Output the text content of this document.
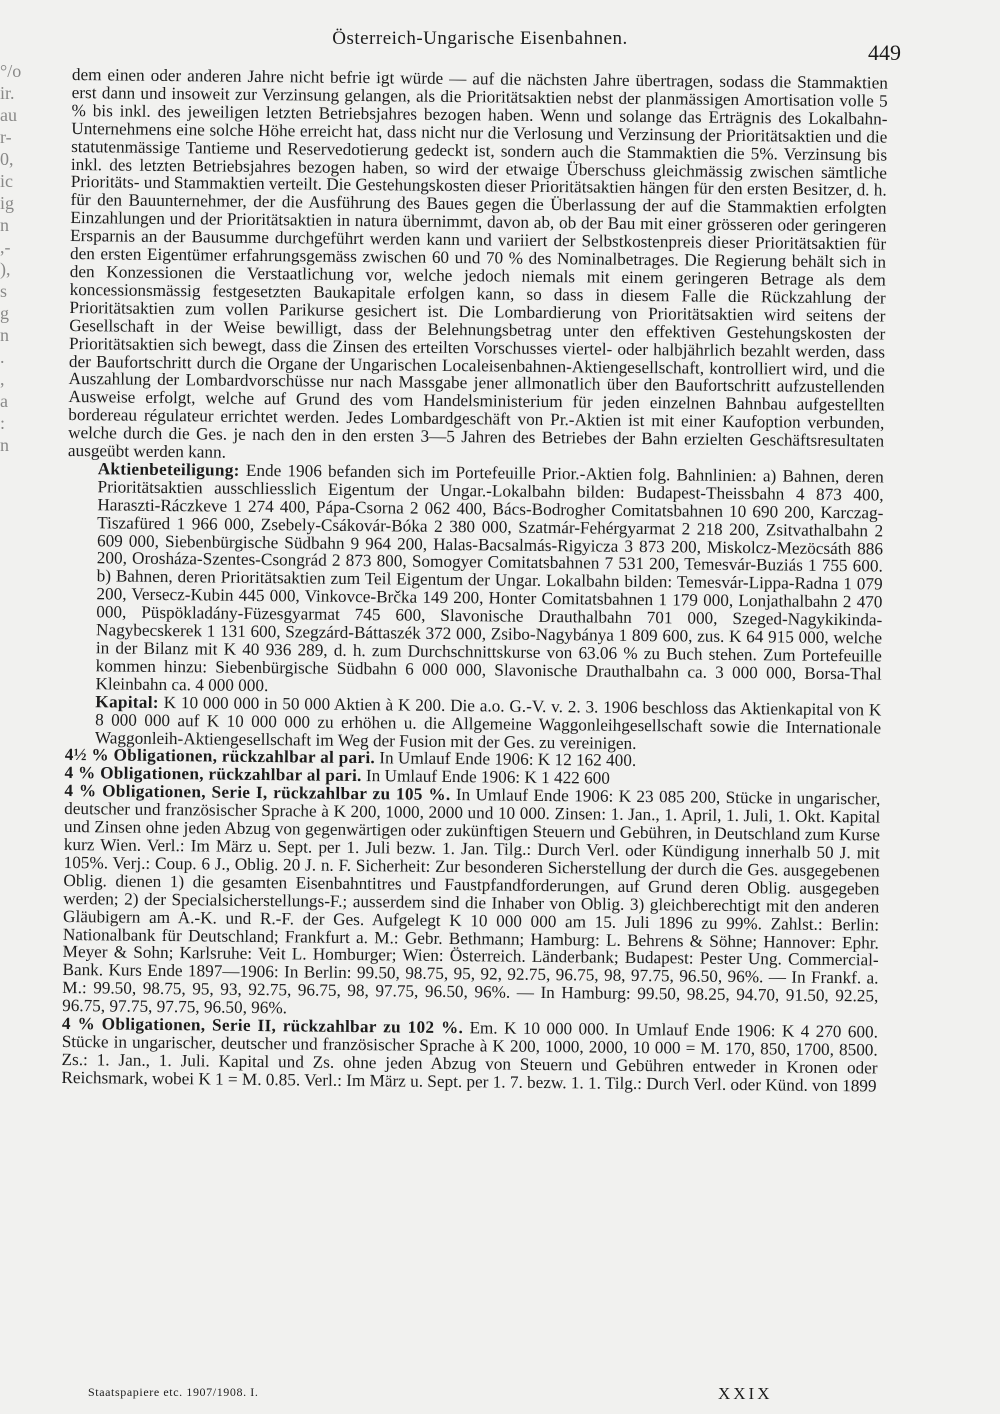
°/o
ir.
au
r-
0,
ic
ig
n
,-
),
s
g
n
.
,
a
:
n
Österreich-Ungarische Eisenbahnen.
449

dem einen oder anderen Jahre nicht befrie igt würde — auf die nächsten Jahre übertragen, sodass die Stammaktien erst dann und insoweit zur Verzinsung gelangen, als die Prioritätsaktien nebst der planmässigen Amortisation volle 5 % bis inkl. des jeweiligen letzten Betriebsjahres bezogen haben. Wenn und solange das Erträgnis des Lokalbahn-Unternehmens eine solche Höhe erreicht hat, dass nicht nur die Verlosung und Verzinsung der Prioritätsaktien und die statutenmässige Tantieme und Reservedotierung gedeckt ist, sondern auch die Stammaktien die 5%. Verzinsung bis inkl. des letzten Betriebsjahres bezogen haben, so wird der etwaige Überschuss gleichmässig zwischen sämtliche Prioritäts- und Stammaktien verteilt. Die Gestehungskosten dieser Prioritätsaktien hängen für den ersten Besitzer, d. h. für den Bauunternehmer, der die Ausführung des Baues gegen die Überlassung der auf die Stammaktien erfolgten Einzahlungen und der Prioritätsaktien in natura übernimmt, davon ab, ob der Bau mit einer grösseren oder geringeren Ersparnis an der Bausumme durchgeführt werden kann und variiert der Selbstkostenpreis dieser Prioritätsaktien für den ersten Eigentümer erfahrungsgemäss zwischen 60 und 70 % des Nominalbetrages. Die Regierung behält sich in den Konzessionen die Verstaatlichung vor, welche jedoch niemals mit einem geringeren Betrage als dem koncessionsmässig festgesetzten Baukapitale erfolgen kann, so dass in diesem Falle die Rückzahlung der Prioritätsaktien zum vollen Parikurse gesichert ist. Die Lombardierung von Prioritätsaktien wird seitens der Gesellschaft in der Weise bewilligt, dass der Belehnungsbetrag unter den effektiven Gestehungskosten der Prioritätsaktien sich bewegt, dass die Zinsen des erteilten Vorschusses viertel- oder halbjährlich bezahlt werden, dass der Baufortschritt durch die Organe der Ungarischen Localeisenbahnen-Aktiengesellschaft, kontrolliert wird, und die Auszahlung der Lombardvorschüsse nur nach Massgabe jener allmonatlich über den Baufortschritt aufzustellenden Ausweise erfolgt, welche auf Grund des vom Handelsministerium für jeden einzelnen Bahnbau aufgestellten bordereau régulateur errichtet werden. Jedes Lombardgeschäft von Pr.-Aktien ist mit einer Kaufoption verbunden, welche durch die Ges. je nach den in den ersten 3—5 Jahren des Betriebes der Bahn erzielten Geschäftsresultaten ausgeübt werden kann.

Aktienbeteiligung: Ende 1906 befanden sich im Portefeuille Prior.-Aktien folg. Bahnlinien: a) Bahnen, deren Prioritätsaktien ausschliesslich Eigentum der Ungar.-Lokalbahn bilden: Budapest-Theissbahn 4 873 400, Haraszti-Ráczkeve 1 274 400, Pápa-Csorna 2 062 400, Bács-Bodrogher Comitatsbahnen 10 690 200, Karczag-Tiszafüred 1 966 000, Zsebely-Csákovár-Bóka 2 380 000, Szatmár-Fehérgyarmat 2 218 200, Zsitvathalbahn 2 609 000, Siebenbürgische Südbahn 9 964 200, Halas-Bacsalmás-Rigyicza 3 873 200, Miskolcz-Mezöcsáth 886 200, Orosháza-Szentes-Csongrád 2 873 800, Somogyer Comitatsbahnen 7 531 200, Temesvár-Buziás 1 755 600. b) Bahnen, deren Prioritätsaktien zum Teil Eigentum der Ungar. Lokalbahn bilden: Temesvár-Lippa-Radna 1 079 200, Versecz-Kubin 445 000, Vinkovce-Brčka 149 200, Honter Comitatsbahnen 1 179 000, Lonjathalbahn 2 470 000, Püspökladány-Füzesgyarmat 745 600, Slavonische Drauthalbahn 701 000, Szeged-Nagykikinda-Nagybecskerek 1 131 600, Szegzárd-Báttaszék 372 000, Zsibo-Nagybánya 1 809 600, zus. K 64 915 000, welche in der Bilanz mit K 40 936 289, d. h. zum Durchschnittskurse von 63.06 % zu Buch stehen. Zum Portefeuille kommen hinzu: Siebenbürgische Südbahn 6 000 000, Slavonische Drauthalbahn ca. 3 000 000, Borsa-Thal Kleinbahn ca. 4 000 000.

Kapital: K 10 000 000 in 50 000 Aktien à K 200. Die a.o. G.-V. v. 2. 3. 1906 beschloss das Aktienkapital von K 8 000 000 auf K 10 000 000 zu erhöhen u. die Allgemeine Waggonleihgesellschaft sowie die Internationale Waggonleih-Aktiengesellschaft im Weg der Fusion mit der Ges. zu vereinigen.

4½ % Obligationen, rückzahlbar al pari. In Umlauf Ende 1906: K 12 162 400.

4 % Obligationen, rückzahlbar al pari. In Umlauf Ende 1906: K 1 422 600

4 % Obligationen, Serie I, rückzahlbar zu 105 %. In Umlauf Ende 1906: K 23 085 200, Stücke in ungarischer, deutscher und französischer Sprache à K 200, 1000, 2000 und 10 000. Zinsen: 1. Jan., 1. April, 1. Juli, 1. Okt. Kapital und Zinsen ohne jeden Abzug von gegenwärtigen oder zukünftigen Steuern und Gebühren, in Deutschland zum Kurse kurz Wien. Verl.: Im März u. Sept. per 1. Juli bezw. 1. Jan. Tilg.: Durch Verl. oder Kündigung innerhalb 50 J. mit 105%. Verj.: Coup. 6 J., Oblig. 20 J. n. F. Sicherheit: Zur besonderen Sicherstellung der durch die Ges. ausgegebenen Oblig. dienen 1) die gesamten Eisenbahntitres und Faustpfandforderungen, auf Grund deren Oblig. ausgegeben werden; 2) der Specialsicherstellungs-F.; ausserdem sind die Inhaber von Oblig. 3) gleichberechtigt mit den anderen Gläubigern am A.-K. und R.-F. der Ges. Aufgelegt K 10 000 000 am 15. Juli 1896 zu 99%. Zahlst.: Berlin: Nationalbank für Deutschland; Frankfurt a. M.: Gebr. Bethmann; Hamburg: L. Behrens & Söhne; Hannover: Ephr. Meyer & Sohn; Karlsruhe: Veit L. Homburger; Wien: Österreich. Länderbank; Budapest: Pester Ung. Commercial-Bank. Kurs Ende 1897—1906: In Berlin: 99.50, 98.75, 95, 92, 92.75, 96.75, 98, 97.75, 96.50, 96%. — In Frankf. a. M.: 99.50, 98.75, 95, 93, 92.75, 96.75, 98, 97.75, 96.50, 96%. — In Hamburg: 99.50, 98.25, 94.70, 91.50, 92.25, 96.75, 97.75, 97.75, 96.50, 96%.

4 % Obligationen, Serie II, rückzahlbar zu 102 %. Em. K 10 000 000. In Umlauf Ende 1906: K 4 270 600. Stücke in ungarischer, deutscher und französischer Sprache à K 200, 1000, 2000, 10 000 = M. 170, 850, 1700, 8500. Zs.: 1. Jan., 1. Juli. Kapital und Zs. ohne jeden Abzug von Steuern und Gebühren entweder in Kronen oder Reichsmark, wobei K 1 = M. 0.85. Verl.: Im März u. Sept. per 1. 7. bezw. 1. 1. Tilg.: Durch Verl. oder Künd. von 1899

Staatspapiere etc. 1907/1908. I.	XXIX
